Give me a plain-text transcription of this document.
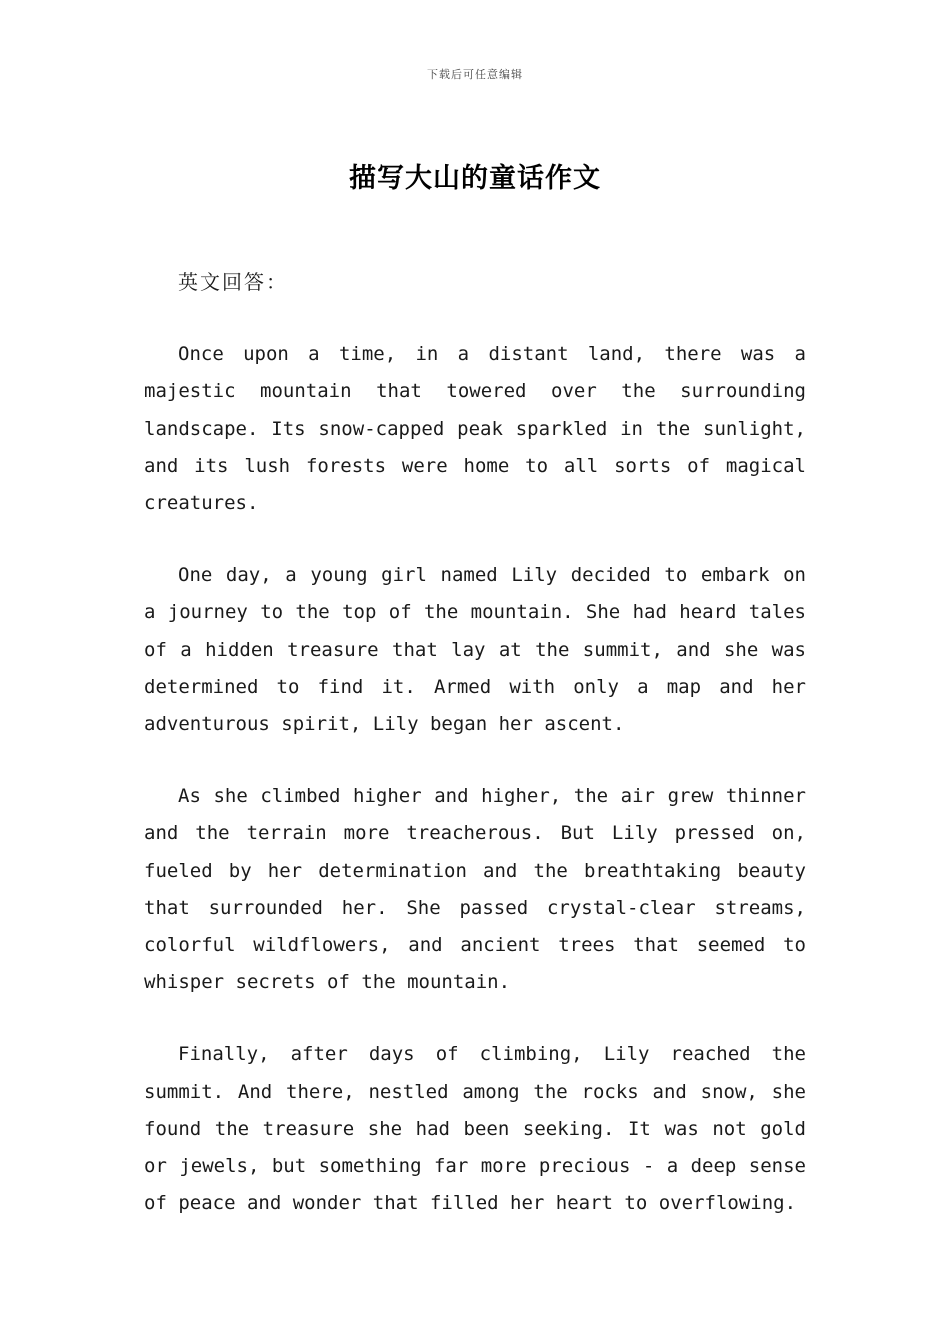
下载后可任意编辑
描写大山的童话作文

英文回答：

Once upon a time, in a distant land, there was a majestic mountain that towered over the surrounding landscape. Its snow-capped peak sparkled in the sunlight, and its lush forests were home to all sorts of magical creatures.

One day, a young girl named Lily decided to embark on a journey to the top of the mountain. She had heard tales of a hidden treasure that lay at the summit, and she was determined to find it. Armed with only a map and her adventurous spirit, Lily began her ascent.

As she climbed higher and higher, the air grew thinner and the terrain more treacherous. But Lily pressed on, fueled by her determination and the breathtaking beauty that surrounded her. She passed crystal-clear streams, colorful wildflowers, and ancient trees that seemed to whisper secrets of the mountain.

Finally, after days of climbing, Lily reached the summit. And there, nestled among the rocks and snow, she found the treasure she had been seeking. It was not gold or jewels, but something far more precious - a deep sense of peace and wonder that filled her heart to overflowing.
